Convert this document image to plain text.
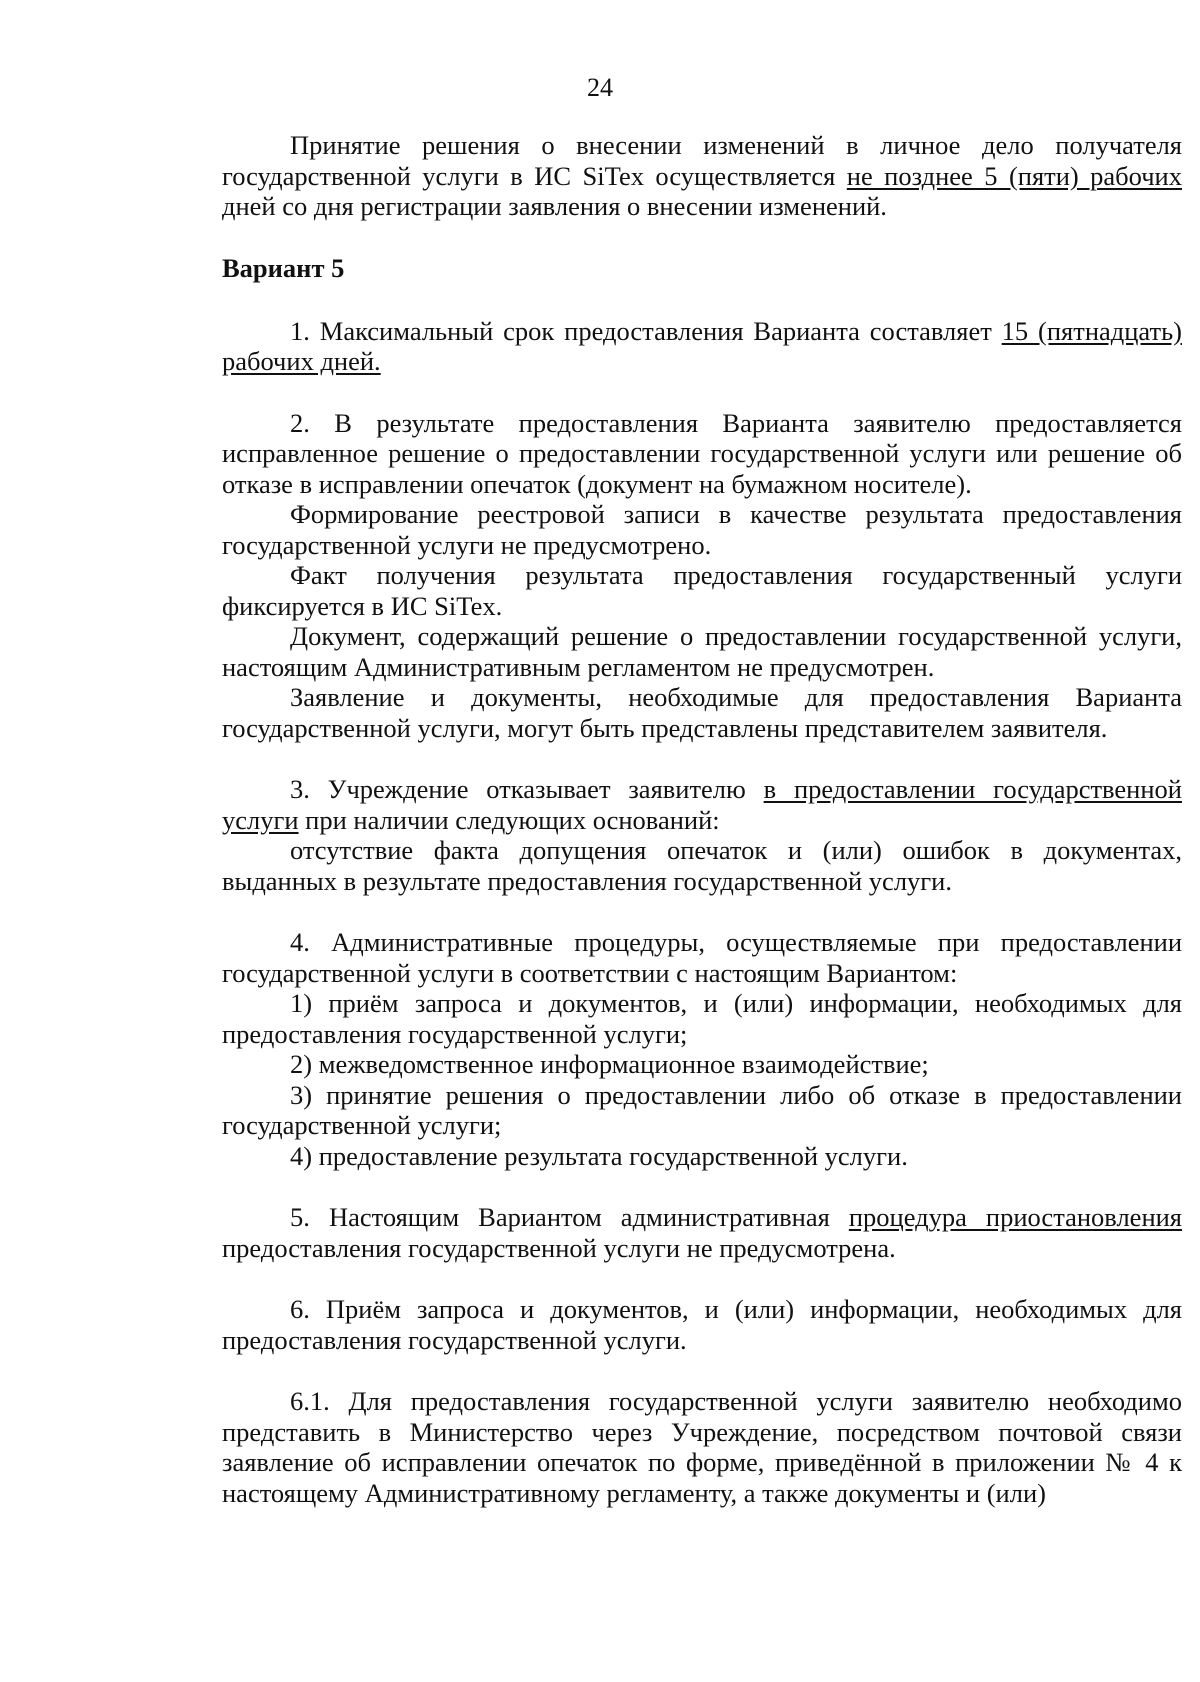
24

Принятие решения о внесении изменений в личное дело получателя государственной услуги в ИС SiTex осуществляется не позднее 5 (пяти) рабочих дней со дня регистрации заявления о внесении изменений.

Вариант 5

1. Максимальный срок предоставления Варианта составляет 15 (пятнадцать) рабочих дней.

2. В результате предоставления Варианта заявителю предоставляется исправленное решение о предоставлении государственной услуги или решение об отказе в исправлении опечаток (документ на бумажном носителе).

Формирование реестровой записи в качестве результата предоставления государственной услуги не предусмотрено.

Факт получения результата предоставления государственный услуги фиксируется в ИС SiTex.

Документ, содержащий решение о предоставлении государственной услуги, настоящим Административным регламентом не предусмотрен.

Заявление и документы, необходимые для предоставления Варианта государственной услуги, могут быть представлены представителем заявителя.

3. Учреждение отказывает заявителю в предоставлении государственной услуги при наличии следующих оснований:

отсутствие факта допущения опечаток и (или) ошибок в документах, выданных в результате предоставления государственной услуги.

4. Административные процедуры, осуществляемые при предоставлении государственной услуги в соответствии с настоящим Вариантом:

1) приём запроса и документов, и (или) информации, необходимых для предоставления государственной услуги;

2) межведомственное информационное взаимодействие;

3) принятие решения о предоставлении либо об отказе в предоставлении государственной услуги;

4) предоставление результата государственной услуги.

5. Настоящим Вариантом административная процедура приостановления предоставления государственной услуги не предусмотрена.

6. Приём запроса и документов, и (или) информации, необходимых для предоставления государственной услуги.

6.1. Для предоставления государственной услуги заявителю необходимо представить в Министерство через Учреждение, посредством почтовой связи заявление об исправлении опечаток по форме, приведённой в приложении № 4 к настоящему Административному регламенту, а также документы и (или)
